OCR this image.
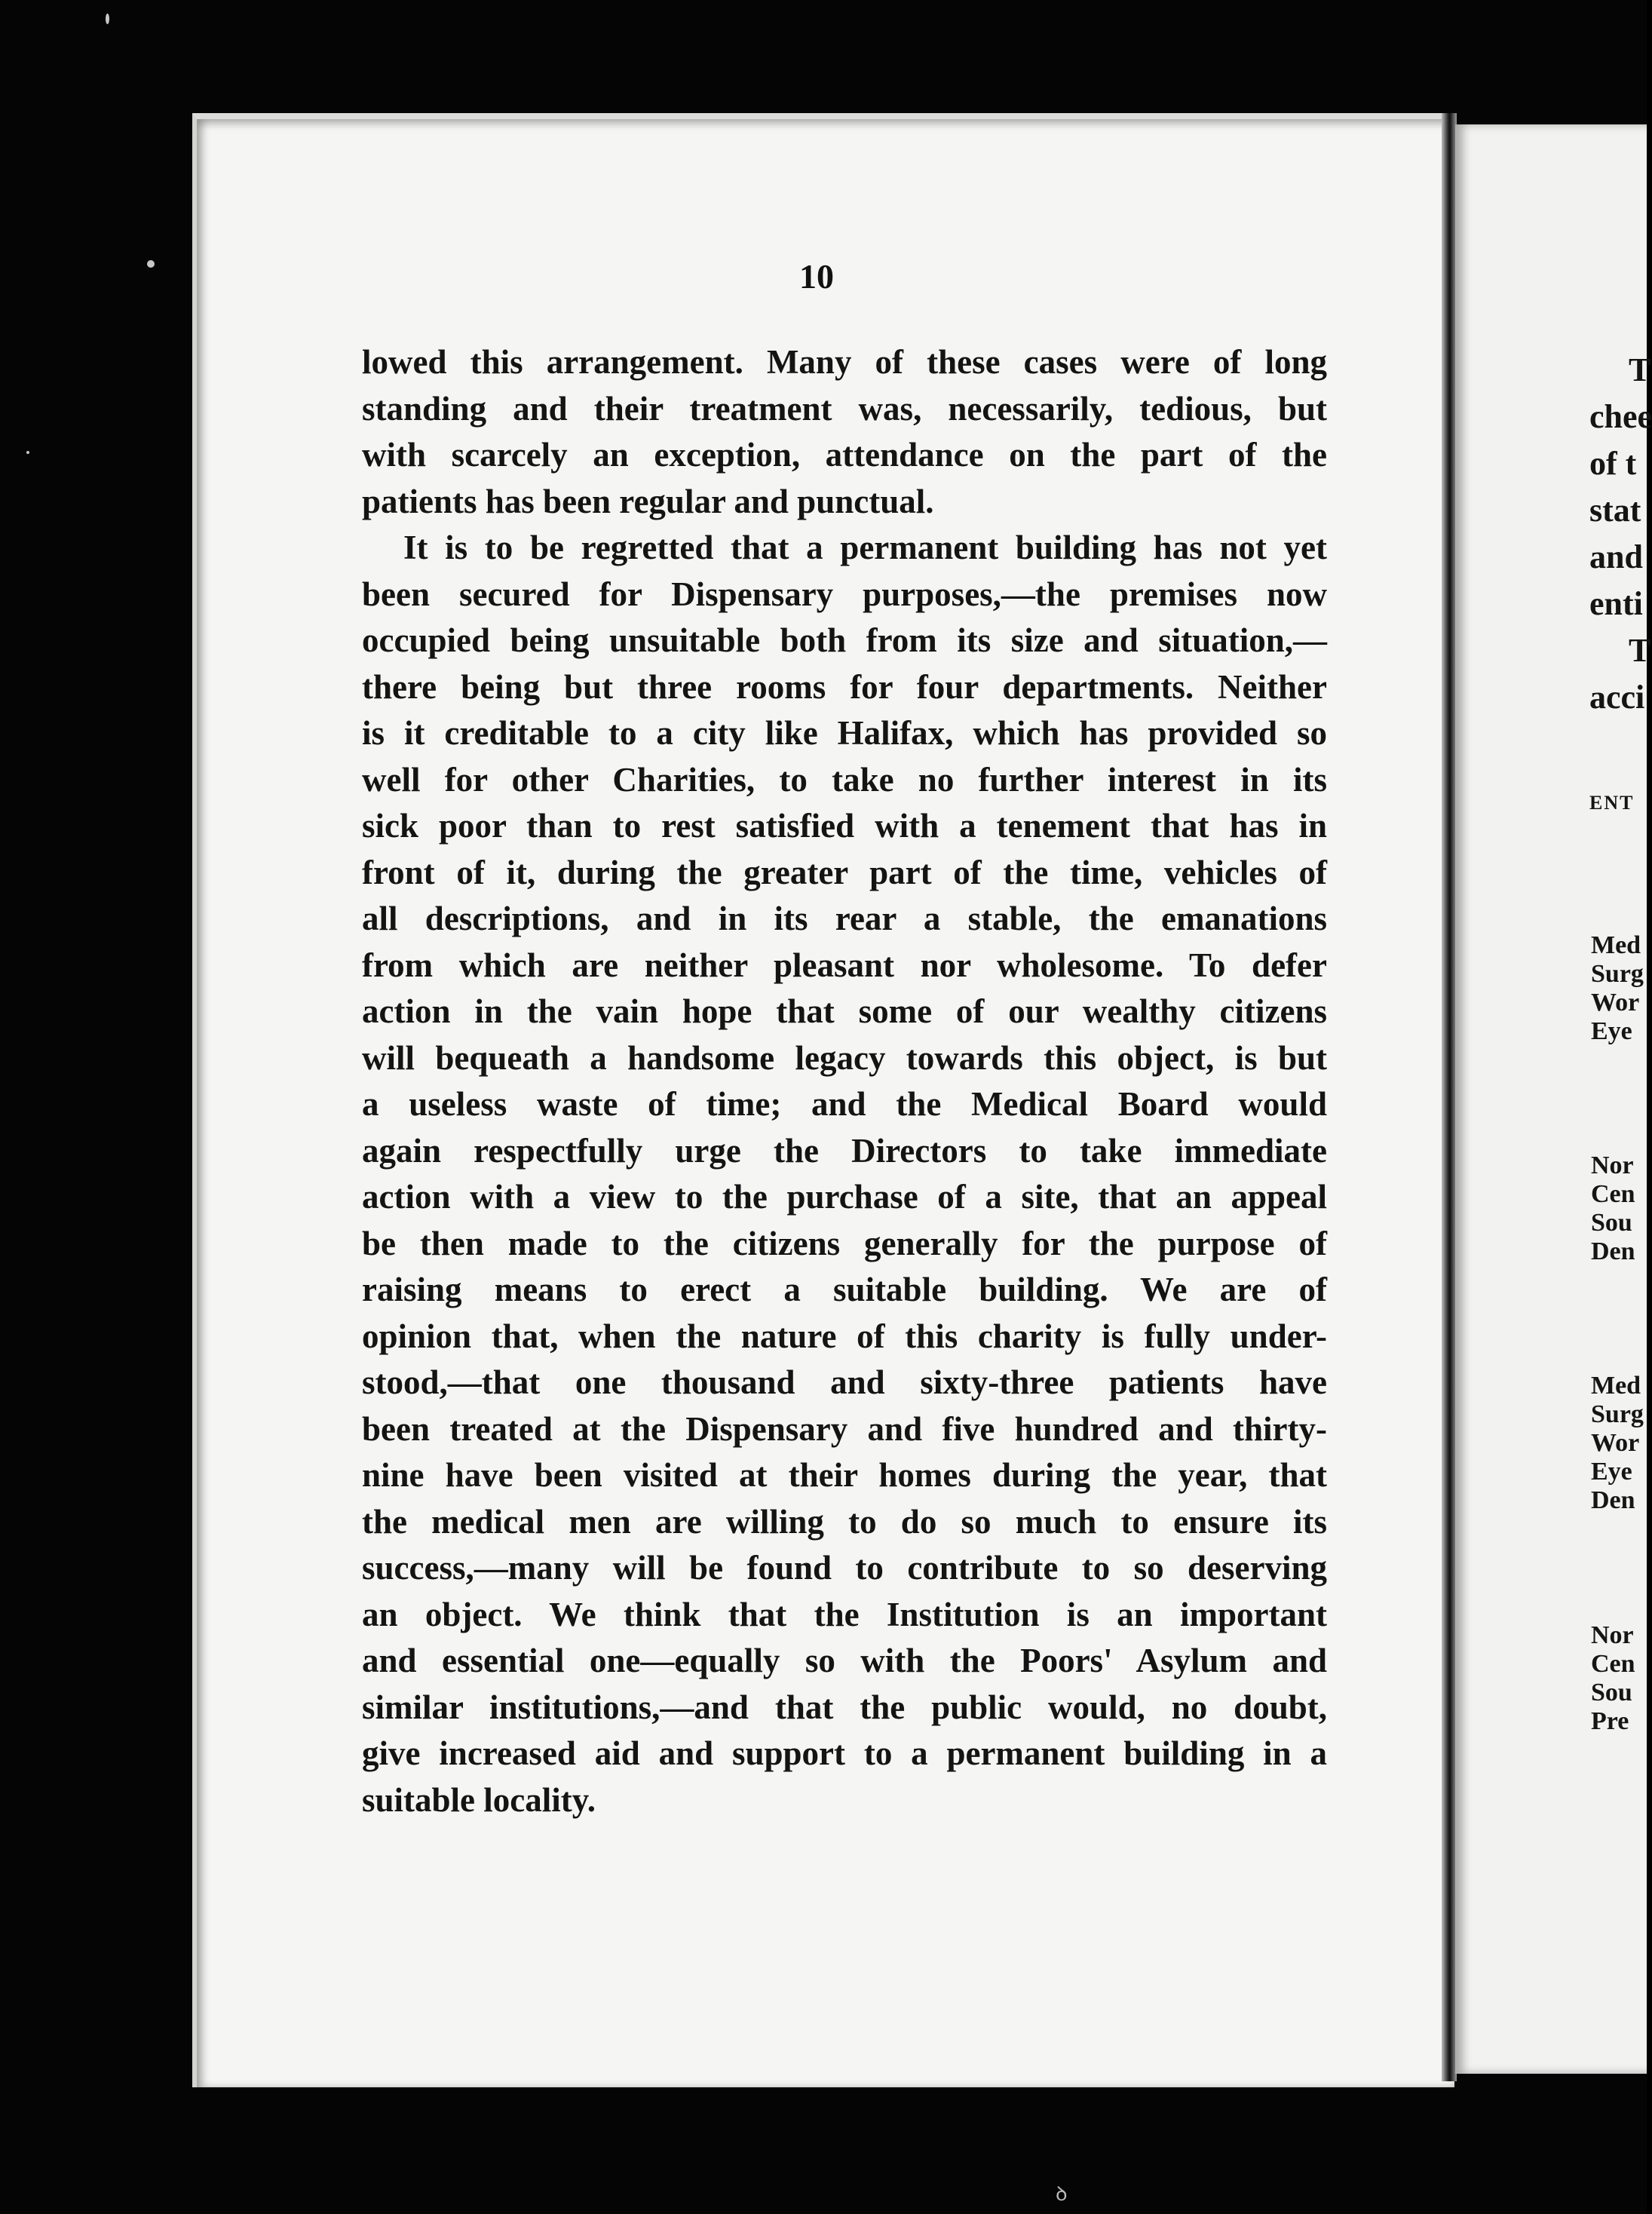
T
chee
of t
stat
and
enti
T
acci
ENT
Med
Surg
Wor
Eye
Nor
Cen
Sou
Den
Med
Surg
Wor
Eye
Den
Nor
Cen
Sou
Pre
10
lowed this arrangement. Many of these cases were of long
standing and their treatment was, necessarily, tedious, but
with scarcely an exception, attendance on the part of the
patients has been regular and punctual.
It is to be regretted that a permanent building has not yet
been secured for Dispensary purposes,—the premises now
occupied being unsuitable both from its size and situation,—
there being but three rooms for four departments. Neither
is it creditable to a city like Halifax, which has provided so
well for other Charities, to take no further interest in its
sick poor than to rest satisfied with a tenement that has in
front of it, during the greater part of the time, vehicles of
all descriptions, and in its rear a stable, the emanations
from which are neither pleasant nor wholesome. To defer
action in the vain hope that some of our wealthy citizens
will bequeath a handsome legacy towards this object, is but
a useless waste of time; and the Medical Board would
again respectfully urge the Directors to take immediate
action with a view to the purchase of a site, that an appeal
be then made to the citizens generally for the purpose of
raising means to erect a suitable building. We are of
opinion that, when the nature of this charity is fully under-
stood,—that one thousand and sixty-three patients have
been treated at the Dispensary and five hundred and thirty-
nine have been visited at their homes during the year, that
the medical men are willing to do so much to ensure its
success,—many will be found to contribute to so deserving
an object. We think that the Institution is an important
and essential one—equally so with the Poors' Asylum and
similar institutions,—and that the public would, no doubt,
give increased aid and support to a permanent building in a
suitable locality.
ꝺ
